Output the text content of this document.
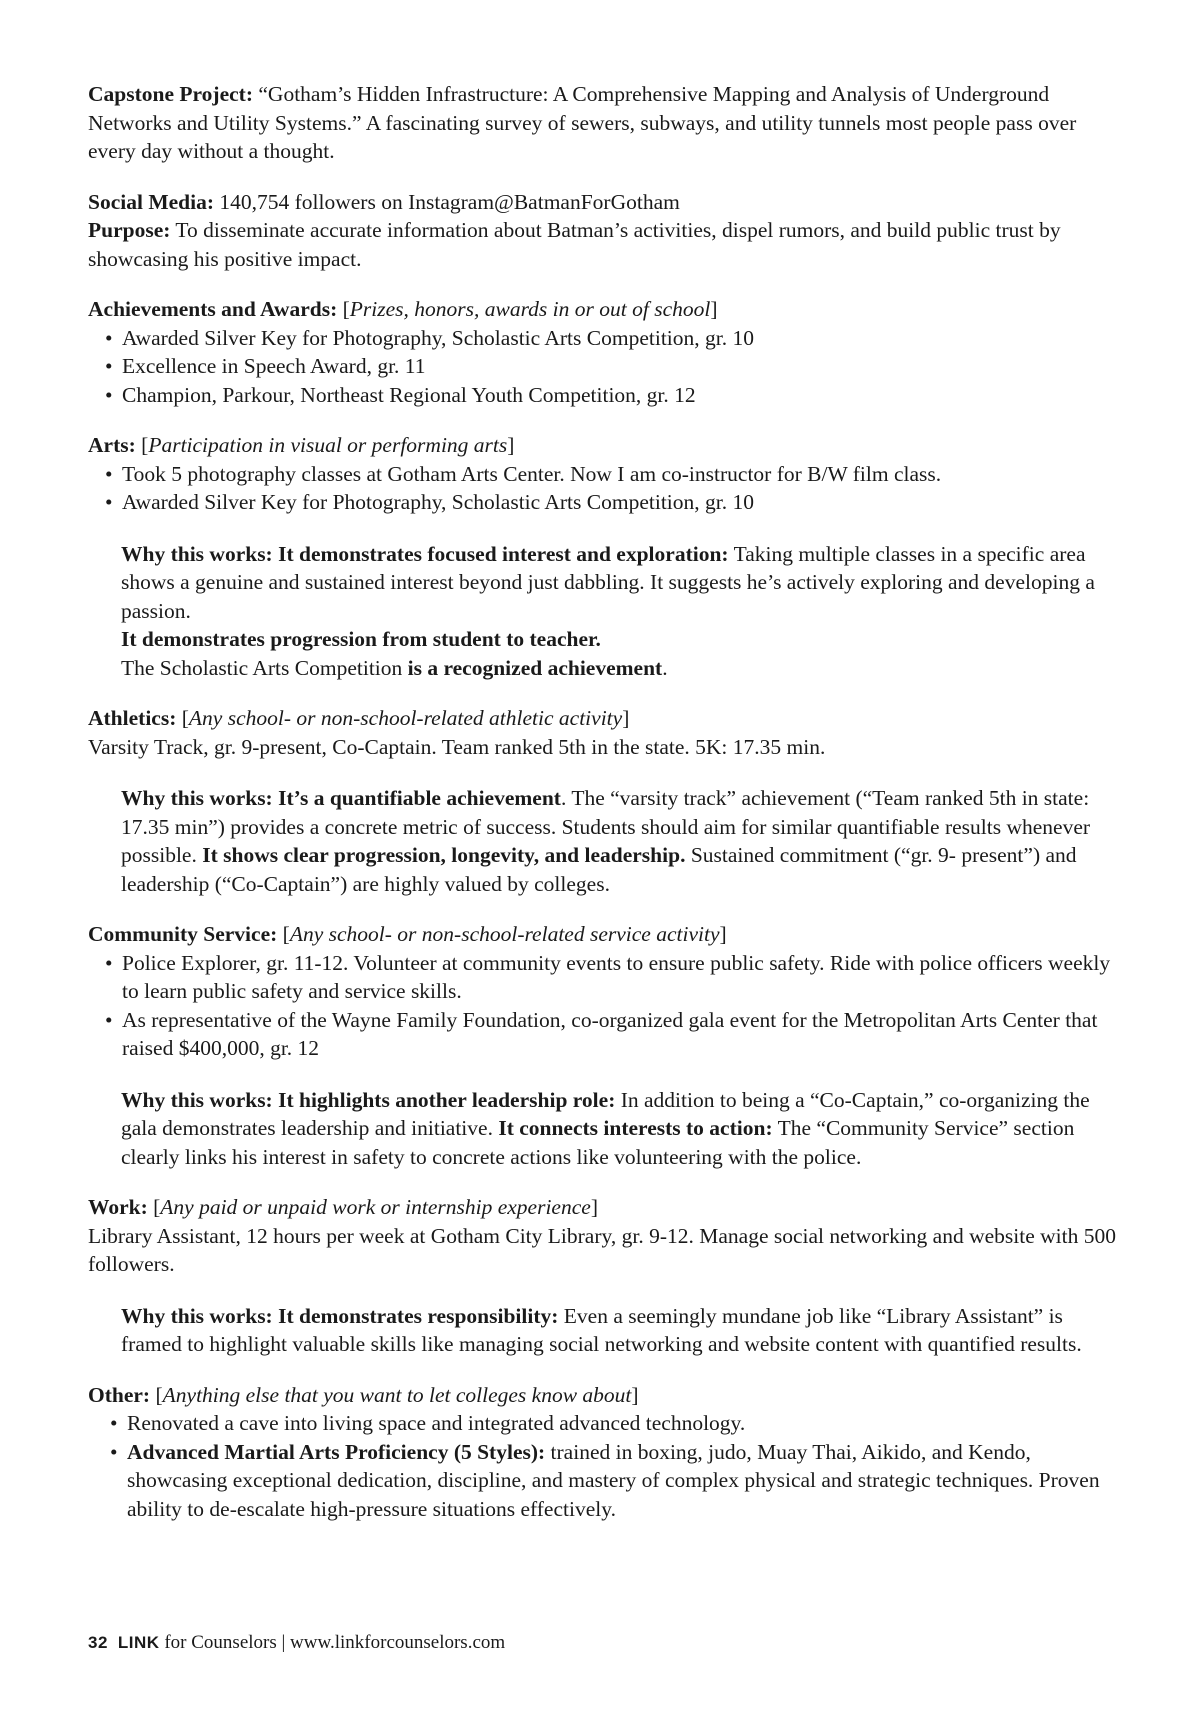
Capstone Project: “Gotham’s Hidden Infrastructure: A Comprehensive Mapping and Analysis of Underground Networks and Utility Systems.” A fascinating survey of sewers, subways, and utility tunnels most people pass over every day without a thought.

Social Media: 140,754 followers on Instagram@BatmanForGotham

Purpose: To disseminate accurate information about Batman’s activities, dispel rumors, and build public trust by showcasing his positive impact.

Achievements and Awards: [Prizes, honors, awards in or out of school]

• Awarded Silver Key for Photography, Scholastic Arts Competition, gr. 10
• Excellence in Speech Award, gr. 11
• Champion, Parkour, Northeast Regional Youth Competition, gr. 12

Arts: [Participation in visual or performing arts]

• Took 5 photography classes at Gotham Arts Center. Now I am co-instructor for B/W film class.
• Awarded Silver Key for Photography, Scholastic Arts Competition, gr. 10

Why this works: It demonstrates focused interest and exploration: Taking multiple classes in a specific area shows a genuine and sustained interest beyond just dabbling. It suggests he’s actively exploring and developing a passion.

It demonstrates progression from student to teacher.

The Scholastic Arts Competition is a recognized achievement.

Athletics: [Any school- or non-school-related athletic activity]

Varsity Track, gr. 9-present, Co-Captain. Team ranked 5th in the state. 5K: 17.35 min.

Why this works: It’s a quantifiable achievement. The “varsity track” achievement (“Team ranked 5th in state: 17.35 min”) provides a concrete metric of success. Students should aim for similar quantifiable results whenever possible. It shows clear progression, longevity, and leadership. Sustained commitment (“gr. 9- present”) and leadership (“Co-Captain”) are highly valued by colleges.

Community Service: [Any school- or non-school-related service activity]

• Police Explorer, gr. 11-12. Volunteer at community events to ensure public safety. Ride with police officers weekly to learn public safety and service skills.
• As representative of the Wayne Family Foundation, co-organized gala event for the Metropolitan Arts Center that raised $400,000, gr. 12

Why this works: It highlights another leadership role: In addition to being a “Co-Captain,” co-organizing the gala demonstrates leadership and initiative. It connects interests to action: The “Community Service” section clearly links his interest in safety to concrete actions like volunteering with the police.

Work: [Any paid or unpaid work or internship experience]

Library Assistant, 12 hours per week at Gotham City Library, gr. 9-12. Manage social networking and website with 500 followers.

Why this works: It demonstrates responsibility: Even a seemingly mundane job like “Library Assistant” is framed to highlight valuable skills like managing social networking and website content with quantified results.

Other: [Anything else that you want to let colleges know about]

• Renovated a cave into living space and integrated advanced technology.
• Advanced Martial Arts Proficiency (5 Styles): trained in boxing, judo, Muay Thai, Aikido, and Kendo, showcasing exceptional dedication, discipline, and mastery of complex physical and strategic techniques. Proven ability to de-escalate high-pressure situations effectively.
32 LINK for Counselors | www.linkforcounselors.com
